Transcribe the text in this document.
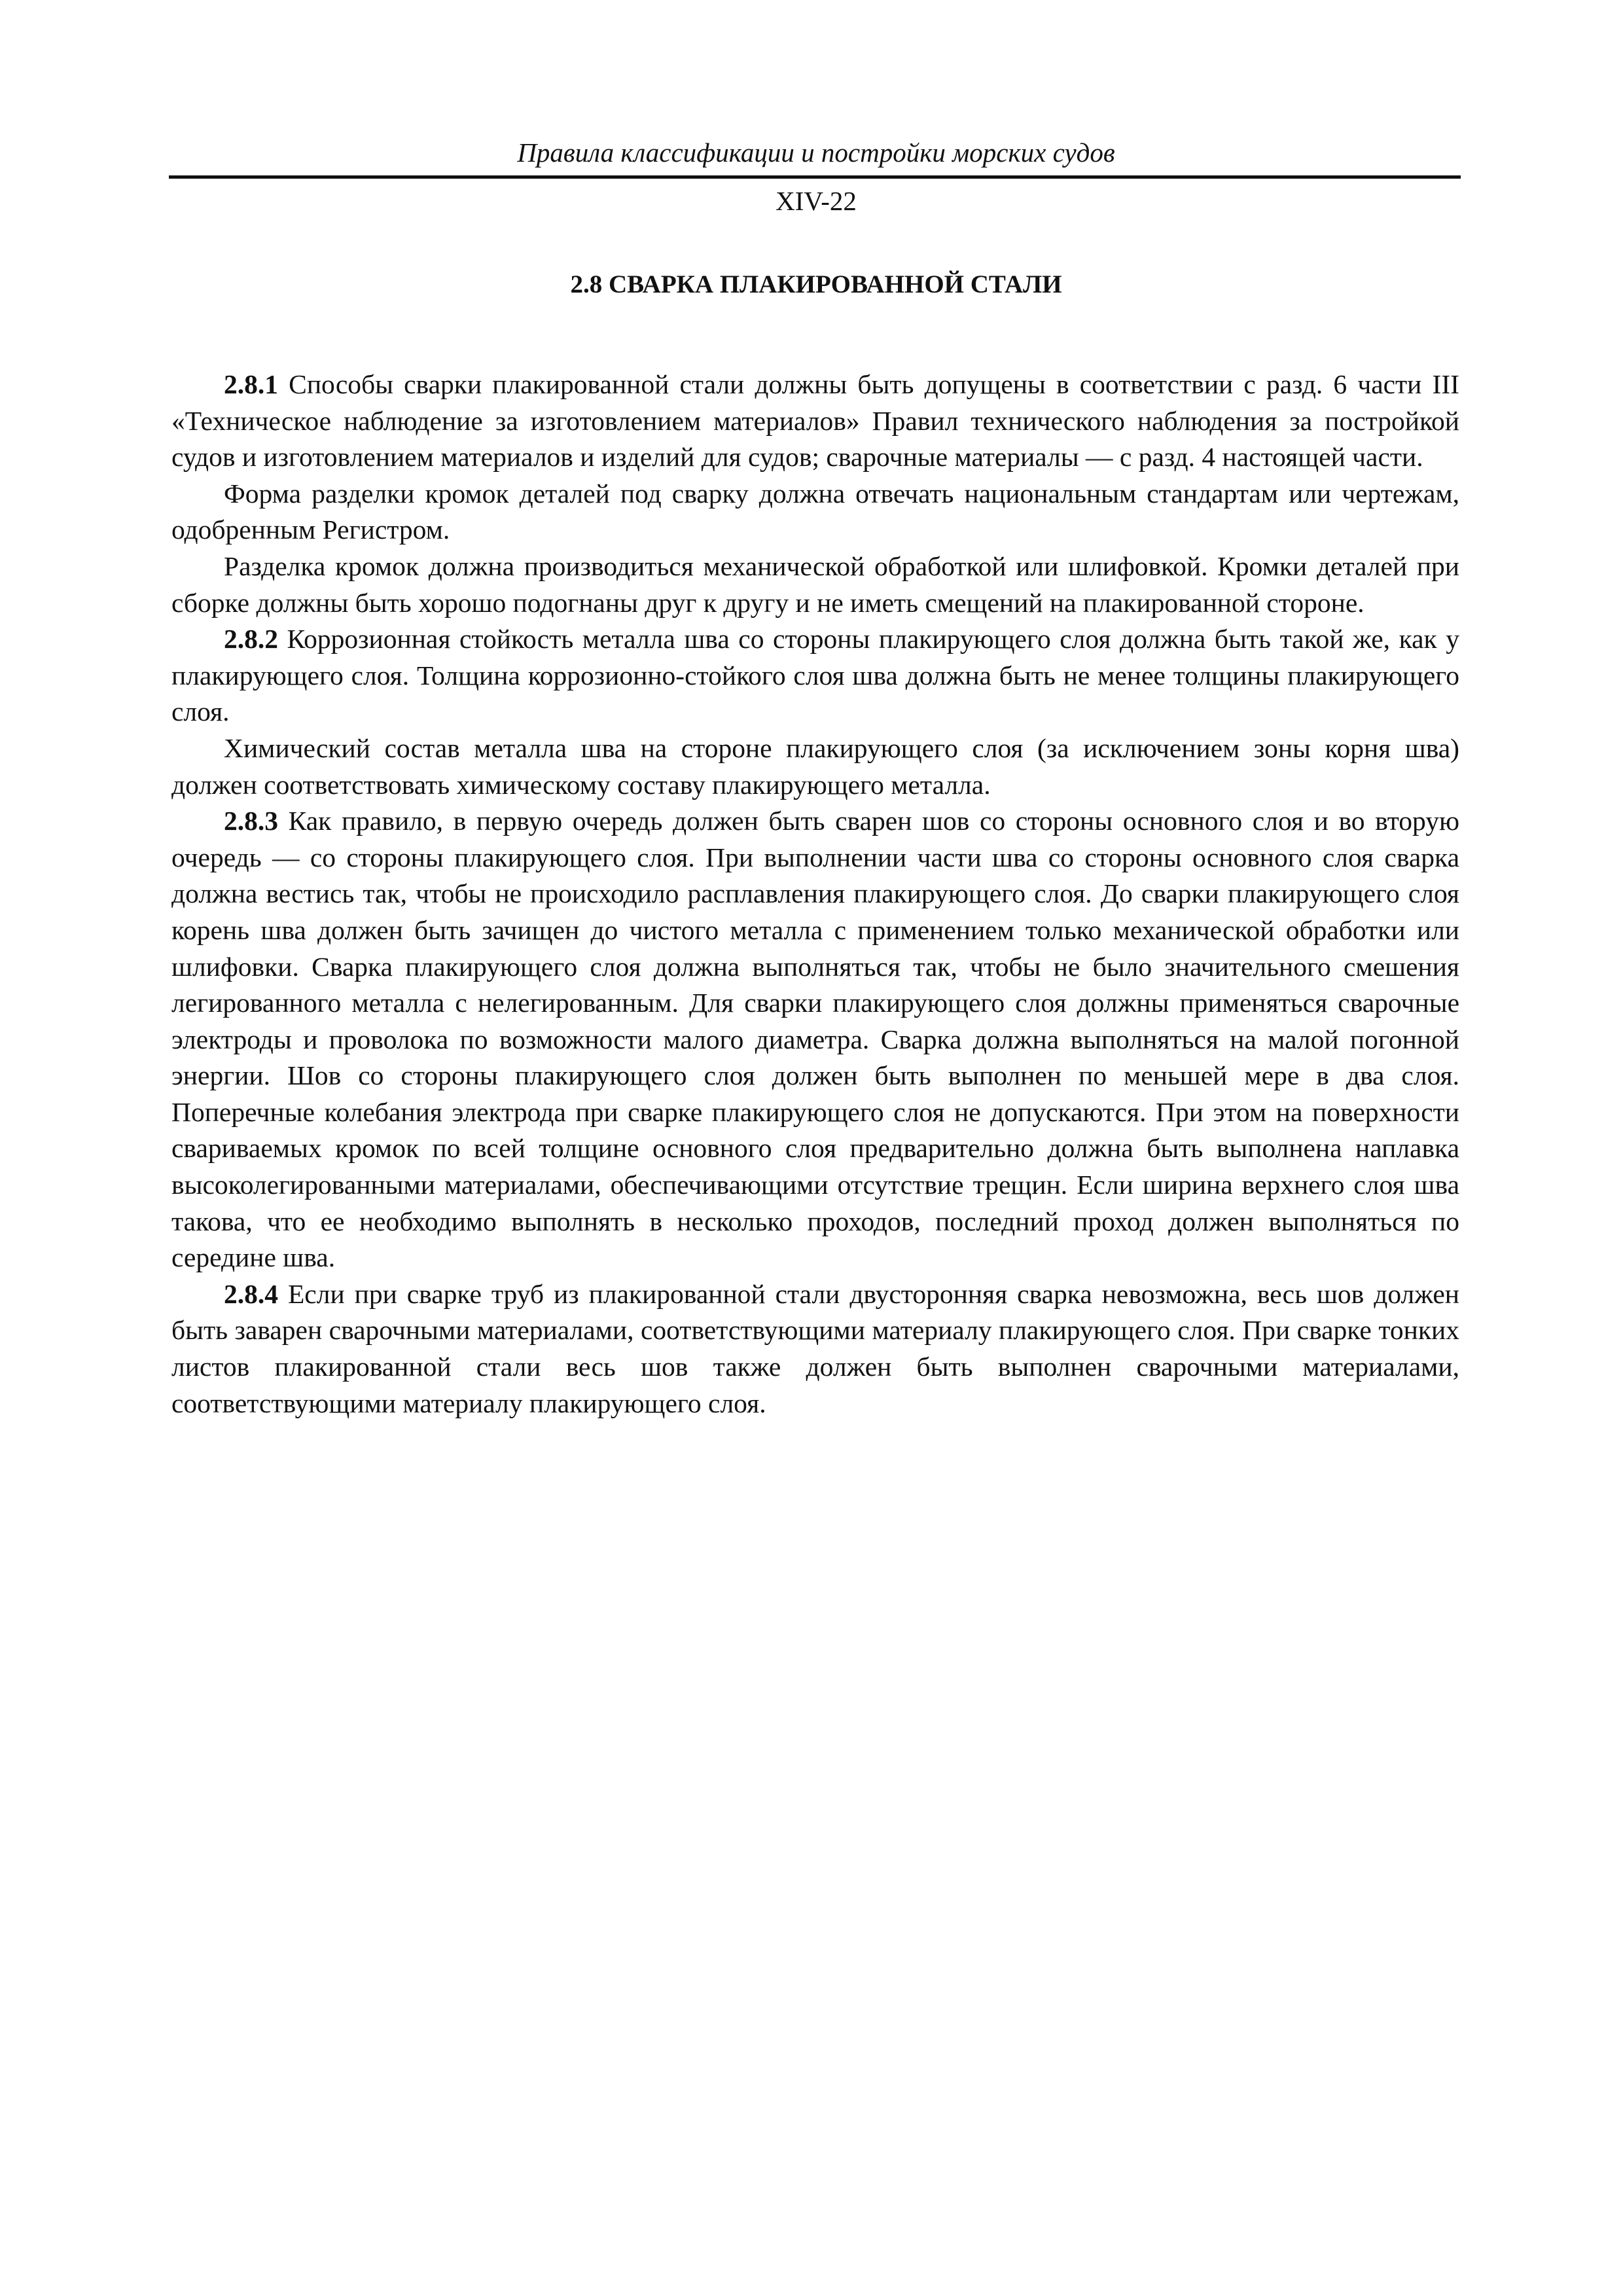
Правила классификации и постройки морских судов
XIV-22
2.8 СВАРКА ПЛАКИРОВАННОЙ СТАЛИ

2.8.1 Способы сварки плакированной стали должны быть допущены в соответствии с разд. 6 части III «Техническое наблюдение за изготовлением материалов» Правил технического наблюдения за постройкой судов и изготовлением материалов и изделий для судов; сварочные материалы — с разд. 4 настоящей части.

Форма разделки кромок деталей под сварку должна отвечать национальным стандартам или чертежам, одобренным Регистром.

Разделка кромок должна производиться механической обработкой или шлифовкой. Кромки деталей при сборке должны быть хорошо подогнаны друг к другу и не иметь смещений на плакированной стороне.

2.8.2 Коррозионная стойкость металла шва со стороны плакирующего слоя должна быть такой же, как у плакирующего слоя. Толщина коррозионно-стойкого слоя шва должна быть не менее толщины плакирующего слоя.

Химический состав металла шва на стороне плакирующего слоя (за исключением зоны корня шва) должен соответствовать химическому составу плакирующего металла.

2.8.3 Как правило, в первую очередь должен быть сварен шов со стороны основного слоя и во вторую очередь — со стороны плакирующего слоя. При выполнении части шва со стороны основного слоя сварка должна вестись так, чтобы не происходило расплавления плакирующего слоя. До сварки плакирующего слоя корень шва должен быть зачищен до чистого металла с применением только механической обработки или шлифовки. Сварка плакирующего слоя должна выполняться так, чтобы не было значительного смешения легированного металла с нелегированным. Для сварки плакирующего слоя должны применяться сварочные электроды и проволока по возможности малого диаметра. Сварка должна выполняться на малой погонной энергии. Шов со стороны плакирующего слоя должен быть выполнен по меньшей мере в два слоя. Поперечные колебания электрода при сварке плакирующего слоя не допускаются. При этом на поверхности свариваемых кромок по всей толщине основного слоя предварительно должна быть выполнена наплавка высоколегированными материалами, обеспечивающими отсутствие трещин. Если ширина верхнего слоя шва такова, что ее необходимо выполнять в несколько проходов, последний проход должен выполняться по середине шва.

2.8.4 Если при сварке труб из плакированной стали двусторонняя сварка невозможна, весь шов должен быть заварен сварочными материалами, соответствующими материалу плакирующего слоя. При сварке тонких листов плакированной стали весь шов также должен быть выполнен сварочными материалами, соответствующими материалу плакирующего слоя.
